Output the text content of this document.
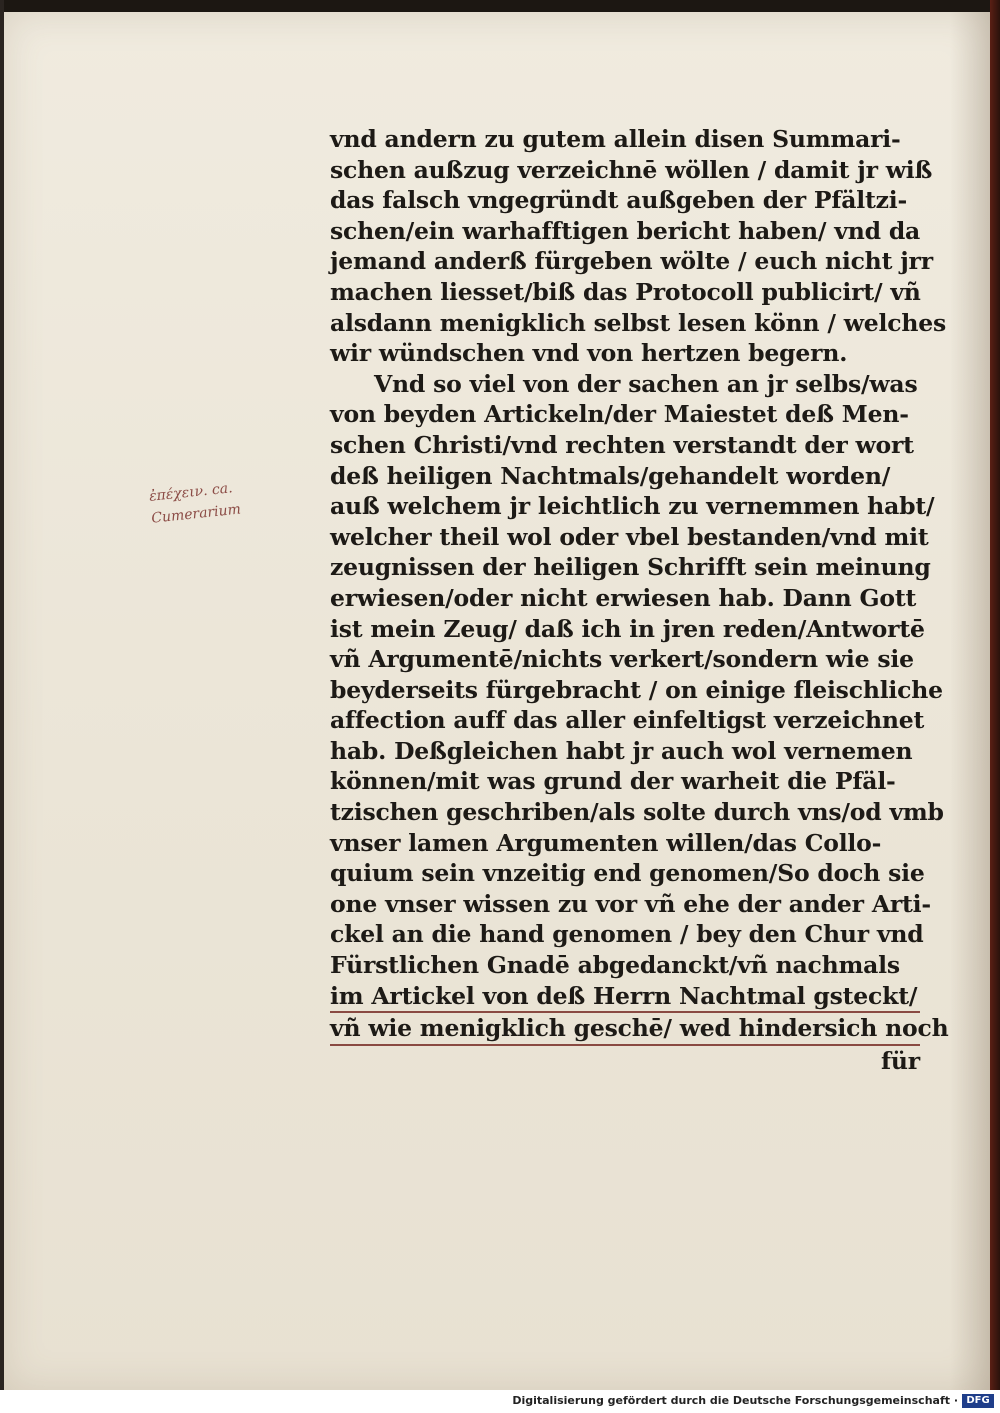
ἐπέχειν. ca.
Cumerarium
vnd andern zu gutem allein disen Summari-
schen außzug verzeichnē wöllen / damit jr wiß
das falsch vngegründt außgeben der Pfältzi-
schen/ein warhafftigen bericht haben/ vnd da
jemand anderß fürgeben wölte / euch nicht jrr
machen liesset/biß das Protocoll publicirt/ vñ
alsdann menigklich selbst lesen könn / welches
wir wündschen vnd von hertzen begern.
Vnd so viel von der sachen an jr selbs/was
von beyden Artickeln/der Maiestet deß Men-
schen Christi/vnd rechten verstandt der wort
deß heiligen Nachtmals/gehandelt worden/
auß welchem jr leichtlich zu vernemmen habt/
welcher theil wol oder vbel bestanden/vnd mit
zeugnissen der heiligen Schrifft sein meinung
erwiesen/oder nicht erwiesen hab. Dann Gott
ist mein Zeug/ daß ich in jren reden/Antwortē
vñ Argumentē/nichts verkert/sondern wie sie
beyderseits fürgebracht / on einige fleischliche
affection auff das aller einfeltigst verzeichnet
hab. Deßgleichen habt jr auch wol vernemen
können/mit was grund der warheit die Pfäl-
tzischen geschriben/als solte durch vns/od vmb
vnser lamen Argumenten willen/das Collo-
quium sein vnzeitig end genomen/So doch sie
one vnser wissen zu vor vñ ehe der ander Arti-
ckel an die hand genomen / bey den Chur vnd
Fürstlichen Gnadē abgedanckt/vñ nachmals
im Artickel von deß Herrn Nachtmal gsteckt/
vñ wie menigklich geschē/ wed hindersich noch
für
Digitalisierung gefördert durch die Deutsche Forschungsgemeinschaft · DFG
